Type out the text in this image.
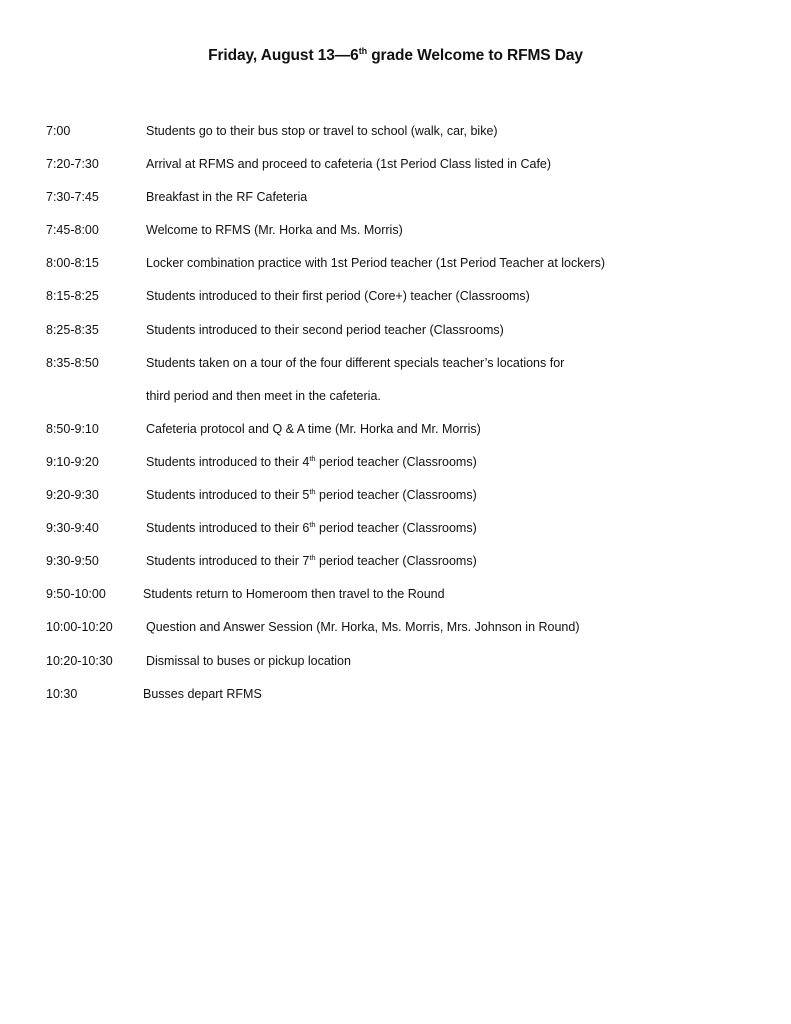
Friday, August 13—6th grade Welcome to RFMS Day
7:00	Students go to their bus stop or travel to school (walk, car, bike)
7:20-7:30	Arrival at RFMS and proceed to cafeteria (1st Period Class listed in Cafe)
7:30-7:45	Breakfast in the RF Cafeteria
7:45-8:00	Welcome to RFMS (Mr. Horka and Ms. Morris)
8:00-8:15	Locker combination practice with 1st Period teacher (1st Period Teacher at lockers)
8:15-8:25	Students introduced to their first period (Core+) teacher (Classrooms)
8:25-8:35	Students introduced to their second period teacher (Classrooms)
8:35-8:50	Students taken on a tour of the four different specials teacher’s locations for
third period and then meet in the cafeteria.
8:50-9:10	Cafeteria protocol and Q & A time (Mr. Horka and Mr. Morris)
9:10-9:20	Students introduced to their 4th period teacher (Classrooms)
9:20-9:30	Students introduced to their 5th period teacher (Classrooms)
9:30-9:40	Students introduced to their 6th period teacher (Classrooms)
9:30-9:50	Students introduced to their 7th period teacher (Classrooms)
9:50-10:00	Students return to Homeroom then travel to the Round
10:00-10:20	Question and Answer Session (Mr. Horka, Ms. Morris, Mrs. Johnson in Round)
10:20-10:30	Dismissal to buses or pickup location
10:30	Busses depart RFMS
